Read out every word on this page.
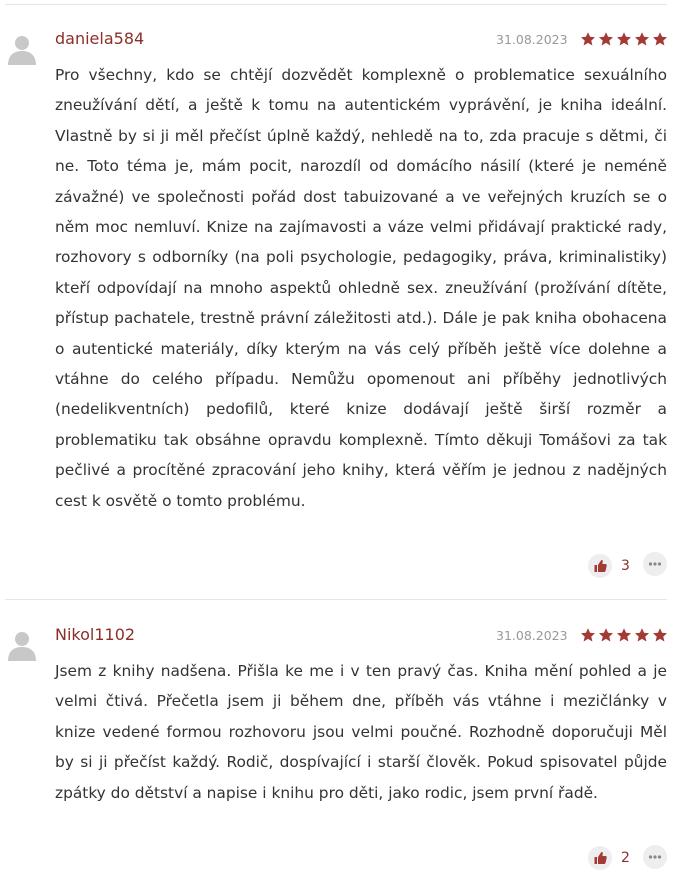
daniela584	31.08.2023

Pro všechny, kdo se chtějí dozvědět komplexně o problematice sexuálního zneužívání dětí, a ještě k tomu na autentickém vyprávění, je kniha ideální. Vlastně by si ji měl přečíst úplně každý, nehledě na to, zda pracuje s dětmi, či ne. Toto téma je, mám pocit, narozdíl od domácího násilí (které je neméně závažné) ve společnosti pořád dost tabuizované a ve veřejných kruzích se o něm moc nemluví. Knize na zajímavosti a váze velmi přidávají praktické rady, rozhovory s odborníky (na poli psychologie, pedagogiky, práva, kriminalistiky) kteří odpovídají na mnoho aspektů ohledně sex. zneužívání (prožívání dítěte, přístup pachatele, trestně právní záležitosti atd.). Dále je pak kniha obohacena o autentické materiály, díky kterým na vás celý příběh ještě více dolehne a vtáhne do celého případu. Nemůžu opomenout ani příběhy jednotlivých (nedelikventních) pedofilů, které knize dodávají ještě širší rozměr a problematiku tak obsáhne opravdu komplexně. Tímto děkuji Tomášovi za tak pečlivé a procítěné zpracování jeho knihy, která věřím je jednou z nadějných cest k osvětě o tomto problému.

3
Nikol1102	31.08.2023

Jsem z knihy nadšena. Přišla ke me i v ten pravý čas. Kniha mění pohled a je velmi čtivá. Přečetla jsem ji během dne, příběh vás vtáhne i mezičlánky v knize vedené formou rozhovoru jsou velmi poučné. Rozhodně doporučuji Měl by si ji přečíst každý. Rodič, dospívající i starší člověk. Pokud spisovatel půjde zpátky do dětství a napise i knihu pro děti, jako rodic, jsem první řadě.

2
